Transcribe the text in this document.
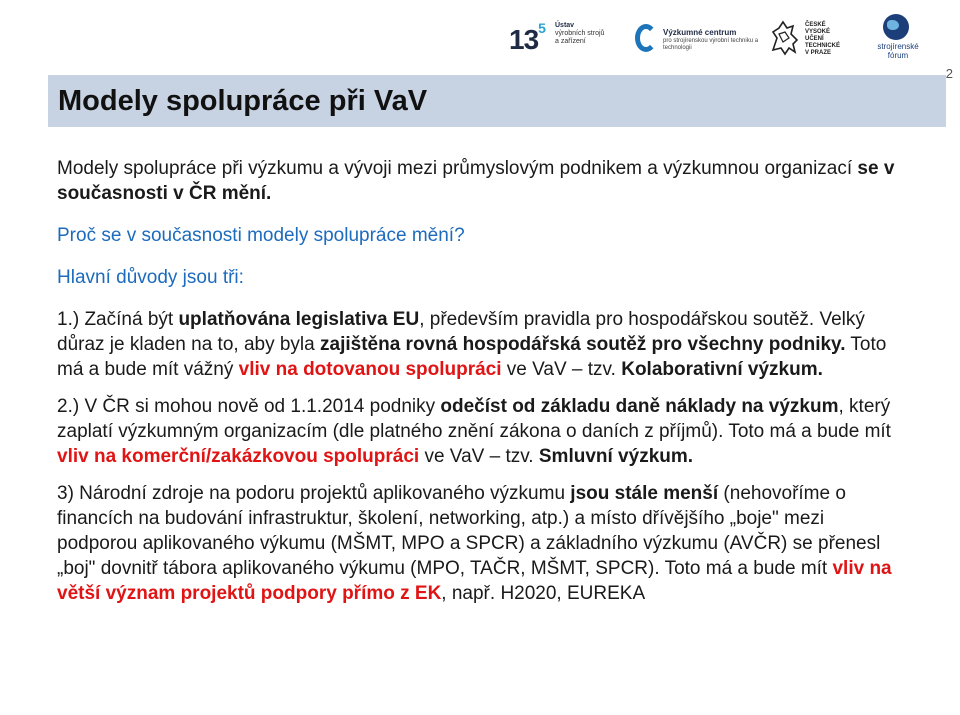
$13^5$ Ústav
výrobních strojů
a zařízení
Výzkumné centrum
pro strojírenskou výrobní techniku a technologii
ČESKÉ
VYSOKÉ
UČENÍ
TECHNICKÉ
V PRAZE
strojírenské
fórum
2
Modely spolupráce při VaV

Modely spolupráce při výzkumu a vývoji mezi průmyslovým podnikem a výzkumnou organizací se v současnosti v ČR mění.

Proč se v současnosti modely spolupráce mění?

Hlavní důvody jsou tři:

1.) Začíná být uplatňována legislativa EU, především pravidla pro hospodářskou soutěž. Velký důraz je kladen na to, aby byla zajištěna rovná hospodářská soutěž pro všechny podniky. Toto má a bude mít vážný vliv na dotovanou spolupráci ve VaV – tzv. Kolaborativní výzkum.

2.) V ČR si mohou nově od 1.1.2014 podniky odečíst od základu daně náklady na výzkum, který zaplatí výzkumným organizacím (dle platného znění zákona o daních z příjmů). Toto má a bude mít vliv na komerční/zakázkovou spolupráci ve VaV – tzv. Smluvní výzkum.

3) Národní zdroje na podoru projektů aplikovaného výzkumu jsou stále menší (nehovoříme o financích na budování infrastruktur, školení, networking, atp.) a místo dřívějšího „boje" mezi podporou aplikovaného výkumu (MŠMT, MPO a SPCR) a základního výzkumu (AVČR) se přenesl „boj" dovnitř tábora aplikovaného výkumu (MPO, TAČR, MŠMT, SPCR). Toto má a bude mít vliv na větší význam projektů podpory přímo z EK, např. H2020, EUREKA
